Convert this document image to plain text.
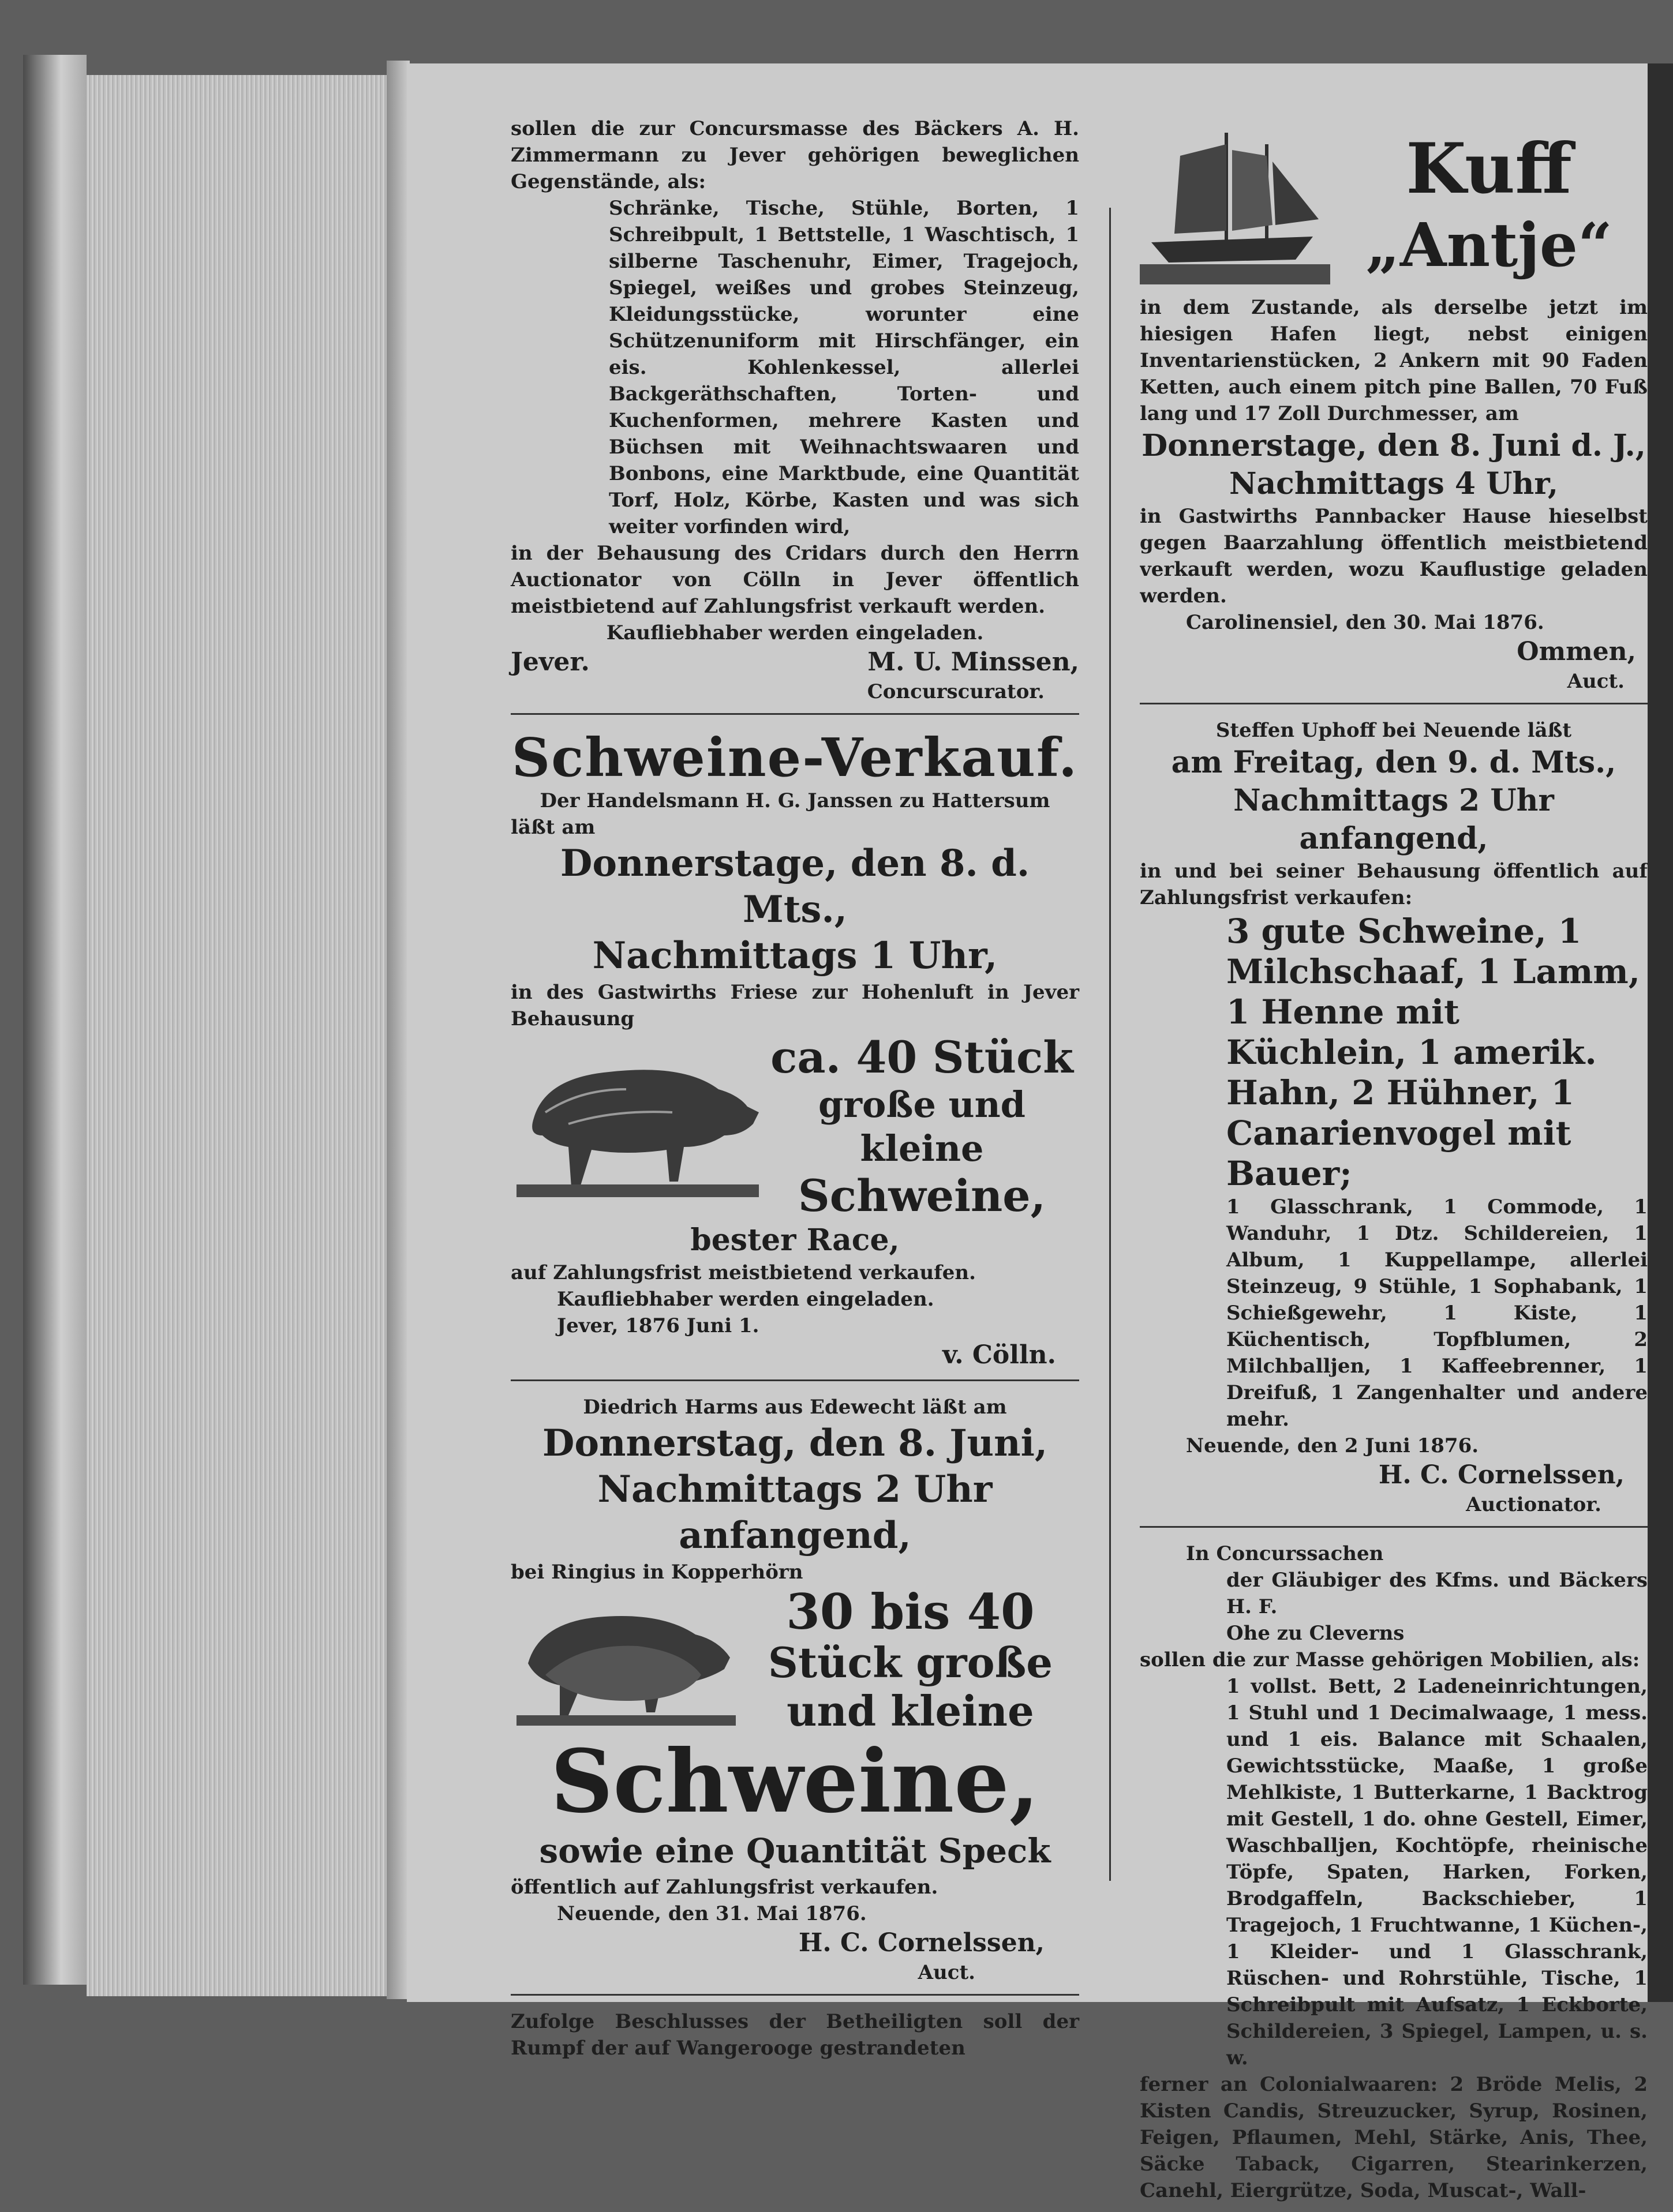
sollen die zur Concursmasse des Bäckers A. H. Zimmermann zu Jever gehörigen beweglichen Gegenstände, als:

Schränke, Tische, Stühle, Borten, 1 Schreibpult, 1 Bettstelle, 1 Waschtisch, 1 silberne Taschenuhr, Eimer, Tragejoch, Spiegel, weißes und grobes Steinzeug, Kleidungsstücke, worunter eine Schützenuniform mit Hirschfänger, ein eis. Kohlenkessel, allerlei Backgeräthschaften, Torten- und Kuchenformen, mehrere Kasten und Büchsen mit Weihnachtswaaren und Bonbons, eine Marktbude, eine Quantität Torf, Holz, Körbe, Kasten und was sich weiter vorfinden wird,

in der Behausung des Cridars durch den Herrn Auctionator von Cölln in Jever öffentlich meistbietend auf Zahlungsfrist verkauft werden.

Kaufliebhaber werden eingeladen.

Jever.	M. U. Minssen,

Concurscurator.

Schweine-Verkauf.

Der Handelsmann H. G. Janssen zu Hattersum

läßt am

Donnerstage, den 8. d. Mts.,

Nachmittags 1 Uhr,

in des Gastwirths Friese zur Hohenluft in Jever Behausung

ca. 40 Stück

große und kleine

Schweine,

bester Race,

auf Zahlungsfrist meistbietend verkaufen.

Kaufliebhaber werden eingeladen.

Jever, 1876 Juni 1.

v. Cölln.

Diedrich Harms aus Edewecht läßt am

Donnerstag, den 8. Juni,

Nachmittags 2 Uhr anfangend,

bei Ringius in Kopperhörn

30 bis 40

Stück große

und kleine

Schweine,

sowie eine Quantität Speck

öffentlich auf Zahlungsfrist verkaufen.

Neuende, den 31. Mai 1876.

H. C. Cornelssen,

Auct.

Zufolge Beschlusses der Betheiligten soll der Rumpf der auf Wangerooge gestrandeten

Kuff

„Antje“

in dem Zustande, als derselbe jetzt im hiesigen Hafen liegt, nebst einigen Inventarienstücken, 2 Ankern mit 90 Faden Ketten, auch einem pitch pine Ballen, 70 Fuß lang und 17 Zoll Durchmesser, am

Donnerstage, den 8. Juni d. J.,

Nachmittags 4 Uhr,

in Gastwirths Pannbacker Hause hieselbst gegen Baarzahlung öffentlich meistbietend verkauft werden, wozu Kauflustige geladen werden.

Carolinensiel, den 30. Mai 1876.

Ommen,

Auct.

Steffen Uphoff bei Neuende läßt

am Freitag, den 9. d. Mts.,

Nachmittags 2 Uhr anfangend,

in und bei seiner Behausung öffentlich auf Zahlungsfrist verkaufen:

3 gute Schweine, 1 Milchschaaf, 1 Lamm, 1 Henne mit Küchlein, 1 amerik. Hahn, 2 Hühner, 1 Canarienvogel mit Bauer;

1 Glasschrank, 1 Commode, 1 Wanduhr, 1 Dtz. Schildereien, 1 Album, 1 Kuppellampe, allerlei Steinzeug, 9 Stühle, 1 Sophabank, 1 Schießgewehr, 1 Kiste, 1 Küchentisch, Topfblumen, 2 Milchballjen, 1 Kaffeebrenner, 1 Dreifuß, 1 Zangenhalter und andere mehr.

Neuende, den 2 Juni 1876.

H. C. Cornelssen,

Auctionator.

In Concurssachen

der Gläubiger des Kfms. und Bäckers H. F.

Ohe zu Cleverns

sollen die zur Masse gehörigen Mobilien, als:

1 vollst. Bett, 2 Ladeneinrichtungen, 1 Stuhl und 1 Decimalwaage, 1 mess. und 1 eis. Balance mit Schaalen, Gewichtsstücke, Maaße, 1 große Mehlkiste, 1 Butterkarne, 1 Backtrog mit Gestell, 1 do. ohne Gestell, Eimer, Waschballjen, Kochtöpfe, rheinische Töpfe, Spaten, Harken, Forken, Brodgaffeln, Backschieber, 1 Tragejoch, 1 Fruchtwanne, 1 Küchen-, 1 Kleider- und 1 Glasschrank, Rüschen- und Rohrstühle, Tische, 1 Schreibpult mit Aufsatz, 1 Eckborte, Schildereien, 3 Spiegel, Lampen, u. s. w.

ferner an Colonialwaaren: 2 Bröde Melis, 2 Kisten Candis, Streuzucker, Syrup, Rosinen, Feigen, Pflaumen, Mehl, Stärke, Anis, Thee, Säcke Taback, Cigarren, Stearinkerzen, Canehl, Eiergrütze, Soda, Muscat-, Wall-
